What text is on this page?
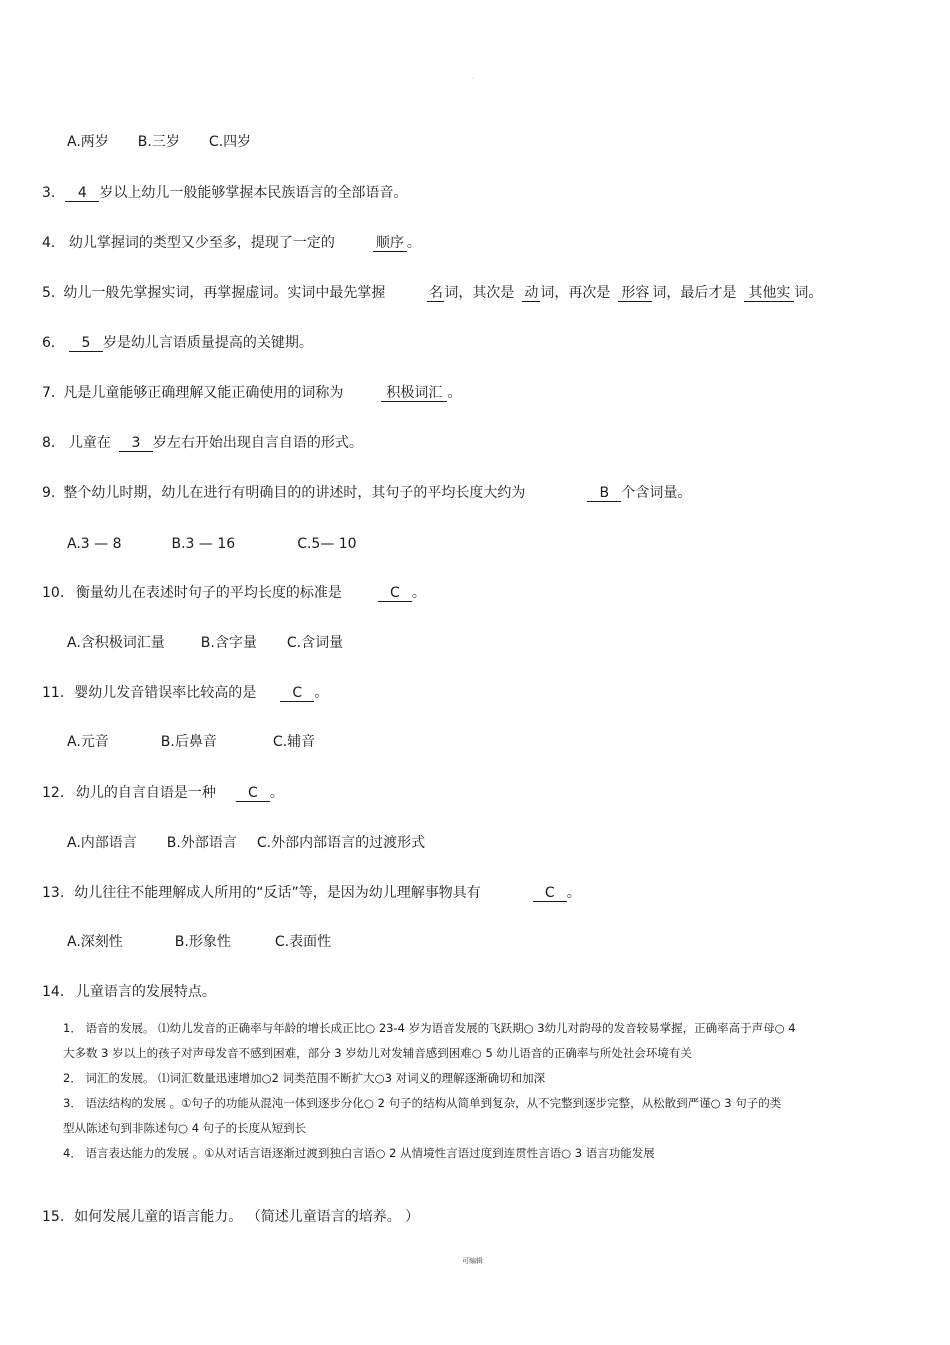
.
A.两岁 B.三岁 C.四岁
3. 4 岁以上幼儿一般能够掌握本民族语言的全部语音。
4． 幼儿掌握词的类型又少至多，提现了一定的	顺序 。
5. 幼儿一般先掌握实词，再掌握虚词。实词中最先掌握	名 词，其次是 动 词，再次是 形容 词，最后才是 其他实 词。
6． 5 岁是幼儿言语质量提高的关键期。
7. 凡是儿童能够正确理解又能正确使用的词称为	积极词汇 。
8． 儿童在 3 岁左右开始出现自言自语的形式。
9. 整个幼儿时期，幼儿在进行有明确目的的讲述时，其句子的平均长度大约为	B 个含词量。
A.3 — 8	B.3 — 16	C.5— 10
10． 衡量幼儿在表述时句子的平均长度的标准是	C 。
A.含积极词汇量	B.含字量 C.含词量
11. 婴幼儿发音错误率比较高的是	C 。
A.元音	B.后鼻音	C.辅音
12． 幼儿的自言自语是一种 C 。
A.内部语言 B.外部语言 C.外部内部语言的过渡形式
13. 幼儿往往不能理解成人所用的“反话”等，是因为幼儿理解事物具有	C 。
A.深刻性	B.形象性	C.表面性
14． 儿童语言的发展特点。
1． 语音的发展。 ⑴幼儿发音的正确率与年龄的增长成正比○ 23-4 岁为语音发展的飞跃期○ 3幼儿对韵母的发音较易掌握，正确率高于声母○ 4
大多数 3 岁以上的孩子对声母发音不感到困难，部分 3 岁幼儿对发辅音感到困难○ 5 幼儿语音的正确率与所处社会环境有关
2． 词汇的发展。 ⑴词汇数量迅速增加○2 词类范围不断扩大○3 对词义的理解逐渐确切和加深
3． 语法结构的发展 。①句子的功能从混沌一体到逐步分化○ 2 句子的结构从简单到复杂，从不完整到逐步完整，从松散到严谨○ 3 句子的类
型从陈述句到非陈述句○ 4 句子的长度从短到长
4． 语言表达能力的发展 。①从对话言语逐渐过渡到独白言语○ 2 从情境性言语过度到连贯性言语○ 3 语言功能发展
15. 如何发展儿童的语言能力。 （简述儿童语言的培养。 ）
可编辑
